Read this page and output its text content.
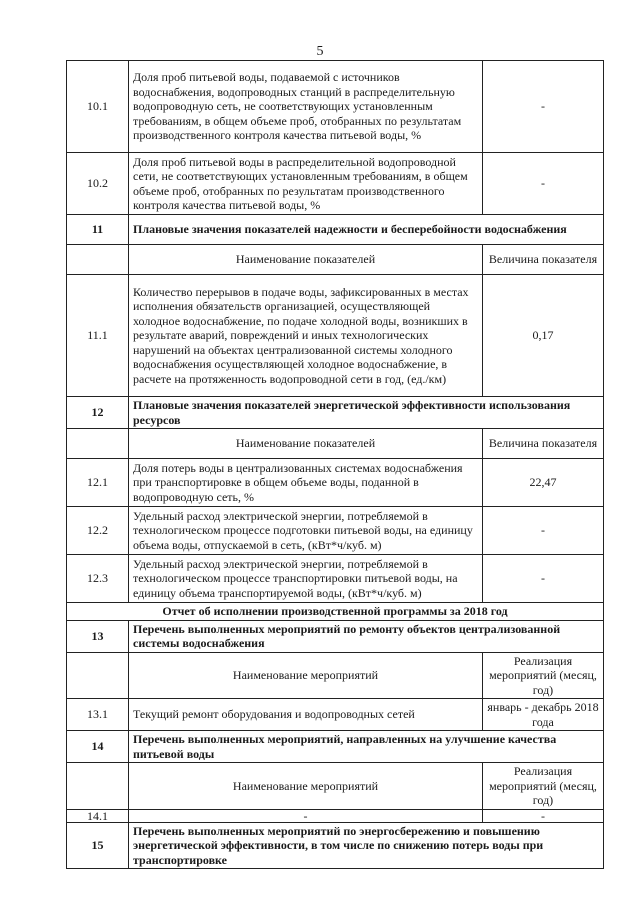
5
10.1	Доля проб питьевой воды, подаваемой с источников водоснабжения, водопроводных станций в распределительную водопроводную сеть, не соответствующих установленным требованиям, в общем объеме проб, отобранных по результатам производственного контроля качества питьевой воды, %	-
10.2	Доля проб питьевой воды в распределительной водопроводной сети, не соответствующих установленным требованиям, в общем объеме проб, отобранных по результатам производственного контроля качества питьевой воды, %	-
11	Плановые значения показателей надежности и бесперебойности водоснабжения	
	Наименование показателей	Величина показателя
11.1	Количество перерывов в подаче воды, зафиксированных в местах исполнения обязательств организацией, осуществляющей холодное водоснабжение, по подаче холодной воды, возникших в результате аварий, повреждений и иных технологических нарушений на объектах централизованной системы холодного водоснабжения осуществляющей холодное водоснабжение, в расчете на протяженность водопроводной сети в год, (ед./км)	0,17
12	Плановые значения показателей энергетической эффективности использования ресурсов	
	Наименование показателей	Величина показателя
12.1	Доля потерь воды в централизованных системах водоснабжения при транспортировке в общем объеме воды, поданной в водопроводную сеть, %	22,47
12.2	Удельный расход электрической энергии, потребляемой в технологическом процессе подготовки питьевой воды, на единицу объема воды, отпускаемой в сеть, (кВт*ч/куб. м)	-
12.3	Удельный расход электрической энергии, потребляемой в технологическом процессе транспортировки питьевой воды, на единицу объема транспортируемой воды, (кВт*ч/куб. м)	-
Отчет об исполнении производственной программы за 2018 год		
13	Перечень выполненных мероприятий по ремонту объектов централизованной системы водоснабжения	
	Наименование мероприятий	Реализация мероприятий (месяц, год)
13.1	Текущий ремонт оборудования и водопроводных сетей	январь - декабрь 2018 года
14	Перечень выполненных мероприятий, направленных на улучшение качества питьевой воды	
	Наименование мероприятий	Реализация мероприятий (месяц, год)
14.1	-	-
15	Перечень выполненных мероприятий по энергосбережению и повышению энергетической эффективности, в том числе по снижению потерь воды при транспортировке	
